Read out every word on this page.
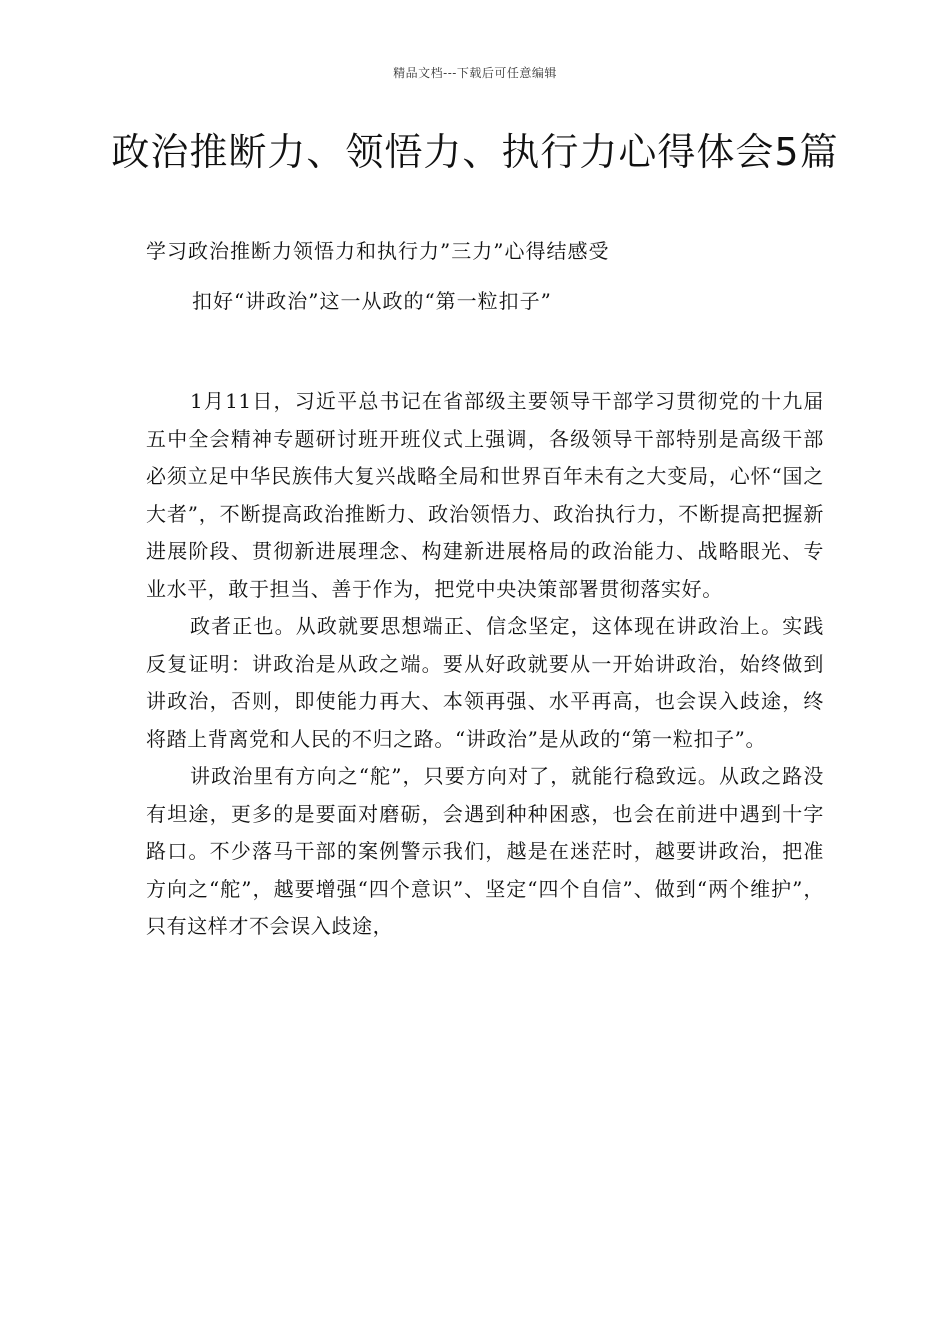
精品文档---下载后可任意编辑
政治推断力、领悟力、执行力心得体会5篇
学习政治推断力领悟力和执行力”三力”心得结感受
扣好“讲政治”这一从政的“第一粒扣子”

1月11日，习近平总书记在省部级主要领导干部学习贯彻党的十九届五中全会精神专题研讨班开班仪式上强调，各级领导干部特别是高级干部必须立足中华民族伟大复兴战略全局和世界百年未有之大变局，心怀“国之大者”，不断提高政治推断力、政治领悟力、政治执行力，不断提高把握新进展阶段、贯彻新进展理念、构建新进展格局的政治能力、战略眼光、专业水平，敢于担当、善于作为，把党中央决策部署贯彻落实好。

政者正也。从政就要思想端正、信念坚定，这体现在讲政治上。实践反复证明：讲政治是从政之端。要从好政就要从一开始讲政治，始终做到讲政治，否则，即使能力再大、本领再强、水平再高，也会误入歧途，终将踏上背离党和人民的不归之路。“讲政治”是从政的“第一粒扣子”。

讲政治里有方向之“舵”，只要方向对了，就能行稳致远。从政之路没有坦途，更多的是要面对磨砺，会遇到种种困惑，也会在前进中遇到十字路口。不少落马干部的案例警示我们，越是在迷茫时，越要讲政治，把准方向之“舵”，越要增强“四个意识”、坚定“四个自信”、做到“两个维护”，只有这样才不会误入歧途，
